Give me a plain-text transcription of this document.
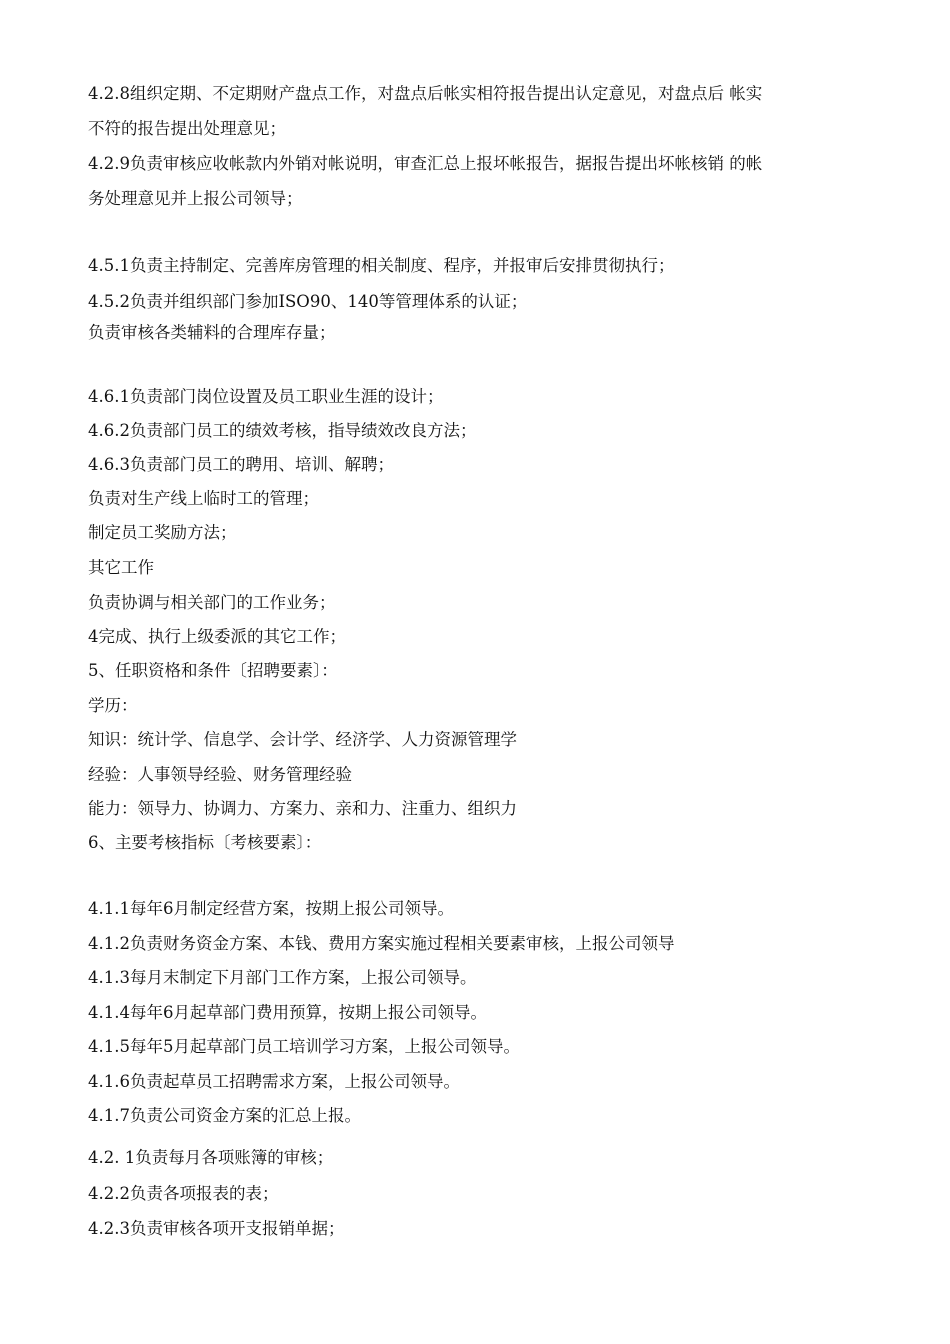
4.2.8组织定期、不定期财产盘点工作，对盘点后帐实相符报告提出认定意见，对盘点后 帐实
不符的报告提出处理意见；
4.2.9负责审核应收帐款内外销对帐说明，审查汇总上报坏帐报告，据报告提出坏帐核销 的帐
务处理意见并上报公司领导；
4.5.1负责主持制定、完善库房管理的相关制度、程序，并报审后安排贯彻执行；
4.5.2负责并组织部门参加ISO90、140等管理体系的认证；
负责审核各类辅料的合理库存量；
4.6.1负责部门岗位设置及员工职业生涯的设计；
4.6.2负责部门员工的绩效考核，指导绩效改良方法；
4.6.3负责部门员工的聘用、培训、解聘；
负责对生产线上临时工的管理；
制定员工奖励方法；
其它工作
负责协调与相关部门的工作业务；
4完成、执行上级委派的其它工作；
5、任职资格和条件〔招聘要素〕：
学历：
知识：统计学、信息学、会计学、经济学、人力资源管理学
经验：人事领导经验、财务管理经验
能力：领导力、协调力、方案力、亲和力、注重力、组织力
6、主要考核指标〔考核要素〕：
4.1.1每年6月制定经营方案，按期上报公司领导。
4.1.2负责财务资金方案、本钱、费用方案实施过程相关要素审核，上报公司领导
4.1.3每月末制定下月部门工作方案，上报公司领导。
4.1.4每年6月起草部门费用预算，按期上报公司领导。
4.1.5每年5月起草部门员工培训学习方案，上报公司领导。
4.1.6负责起草员工招聘需求方案，上报公司领导。
4.1.7负责公司资金方案的汇总上报。
4.2. 1负责每月各项账簿的审核；
4.2.2负责各项报表的表；
4.2.3负责审核各项开支报销单据；
